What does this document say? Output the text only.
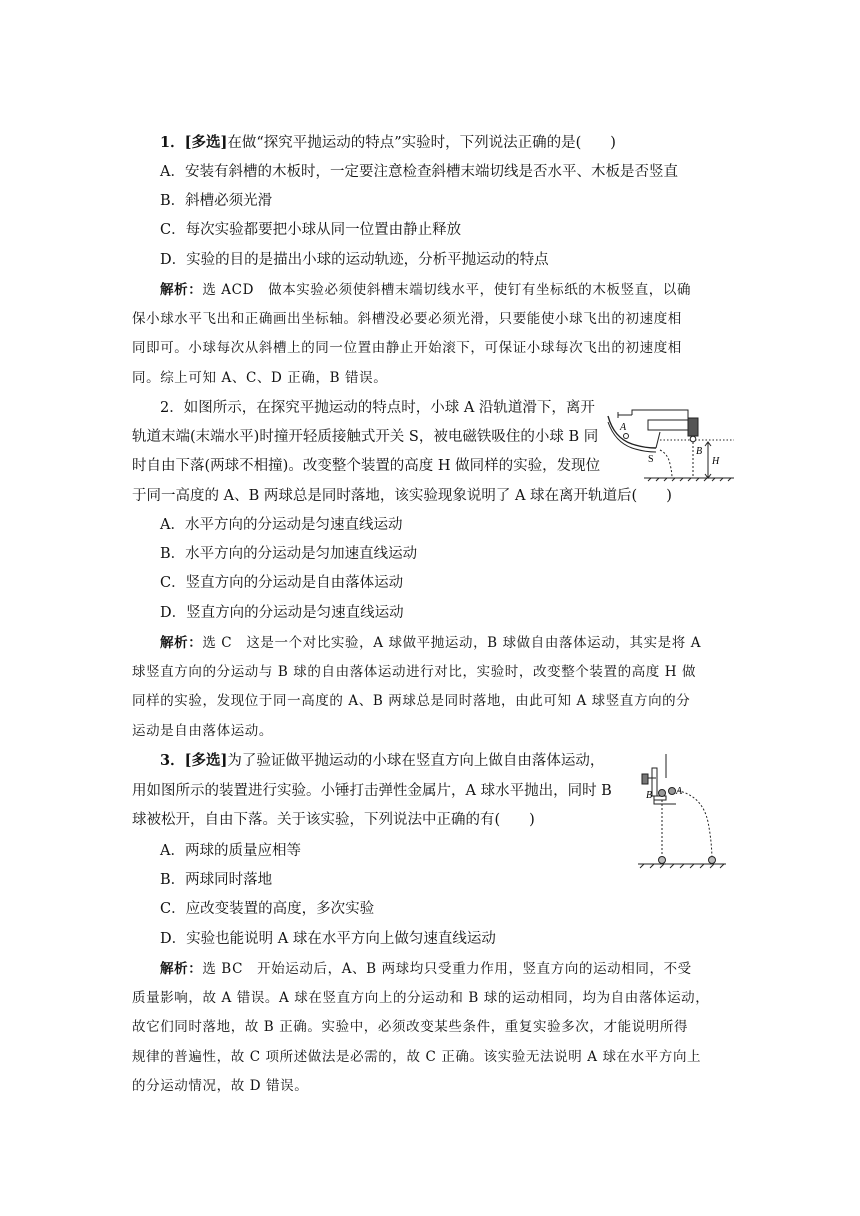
1．[多选]在做“探究平抛运动的特点”实验时，下列说法正确的是(　　)
A．安装有斜槽的木板时，一定要注意检查斜槽末端切线是否水平、木板是否竖直
B．斜槽必须光滑
C．每次实验都要把小球从同一位置由静止释放
D．实验的目的是描出小球的运动轨迹，分析平抛运动的特点
解析：选 ACD　做本实验必须使斜槽末端切线水平，使钉有坐标纸的木板竖直，以确
保小球水平飞出和正确画出坐标轴。斜槽没必要必须光滑，只要能使小球飞出的初速度相
同即可。小球每次从斜槽上的同一位置由静止开始滚下，可保证小球每次飞出的初速度相
同。综上可知 A、C、D 正确，B 错误。
2．如图所示，在探究平抛运动的特点时，小球 A 沿轨道滑下，离开
轨道末端(末端水平)时撞开轻质接触式开关 S，被电磁铁吸住的小球 B 同
时自由下落(两球不相撞)。改变整个装置的高度 H 做同样的实验，发现位
于同一高度的 A、B 两球总是同时落地，该实验现象说明了 A 球在离开轨道后(　　)
A
S
B
H
A．水平方向的分运动是匀速直线运动
B．水平方向的分运动是匀加速直线运动
C．竖直方向的分运动是自由落体运动
D．竖直方向的分运动是匀速直线运动
解析：选 C　这是一个对比实验，A 球做平抛运动，B 球做自由落体运动，其实是将 A
球竖直方向的分运动与 B 球的自由落体运动进行对比，实验时，改变整个装置的高度 H 做
同样的实验，发现位于同一高度的 A、B 两球总是同时落地，由此可知 A 球竖直方向的分
运动是自由落体运动。
3．[多选]为了验证做平抛运动的小球在竖直方向上做自由落体运动，
用如图所示的装置进行实验。小锤打击弹性金属片，A 球水平抛出，同时 B
球被松开，自由下落。关于该实验，下列说法中正确的有(　　)
B A
A．两球的质量应相等
B．两球同时落地
C．应改变装置的高度，多次实验
D．实验也能说明 A 球在水平方向上做匀速直线运动
解析：选 BC　开始运动后，A、B 两球均只受重力作用，竖直方向的运动相同，不受
质量影响，故 A 错误。A 球在竖直方向上的分运动和 B 球的运动相同，均为自由落体运动，
故它们同时落地，故 B 正确。实验中，必须改变某些条件，重复实验多次，才能说明所得
规律的普遍性，故 C 项所述做法是必需的，故 C 正确。该实验无法说明 A 球在水平方向上
的分运动情况，故 D 错误。
